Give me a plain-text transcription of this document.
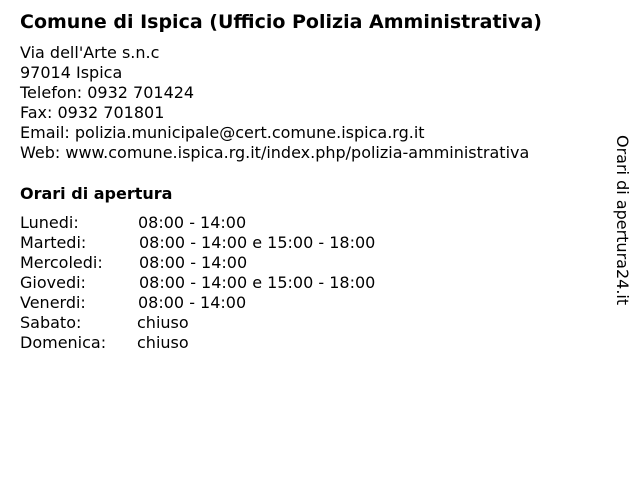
Comune di Ispica (Ufficio Polizia Amministrativa)
Via dell'Arte s.n.c
97014 Ispica
Telefon: 0932 701424
Fax: 0932 701801
Email: polizia.municipale@cert.comune.ispica.rg.it
Web: www.comune.ispica.rg.it/index.php/polizia-amministrativa
Orari di apertura
Lunedi:	08:00 - 14:00
Martedi:	08:00 - 14:00 e 15:00 - 18:00
Mercoledi: 08:00 - 14:00
Giovedi:	08:00 - 14:00 e 15:00 - 18:00
Venerdi:	08:00 - 14:00
Sabato:	chiuso
Domenica: chiuso
Orari di apertura24.it
